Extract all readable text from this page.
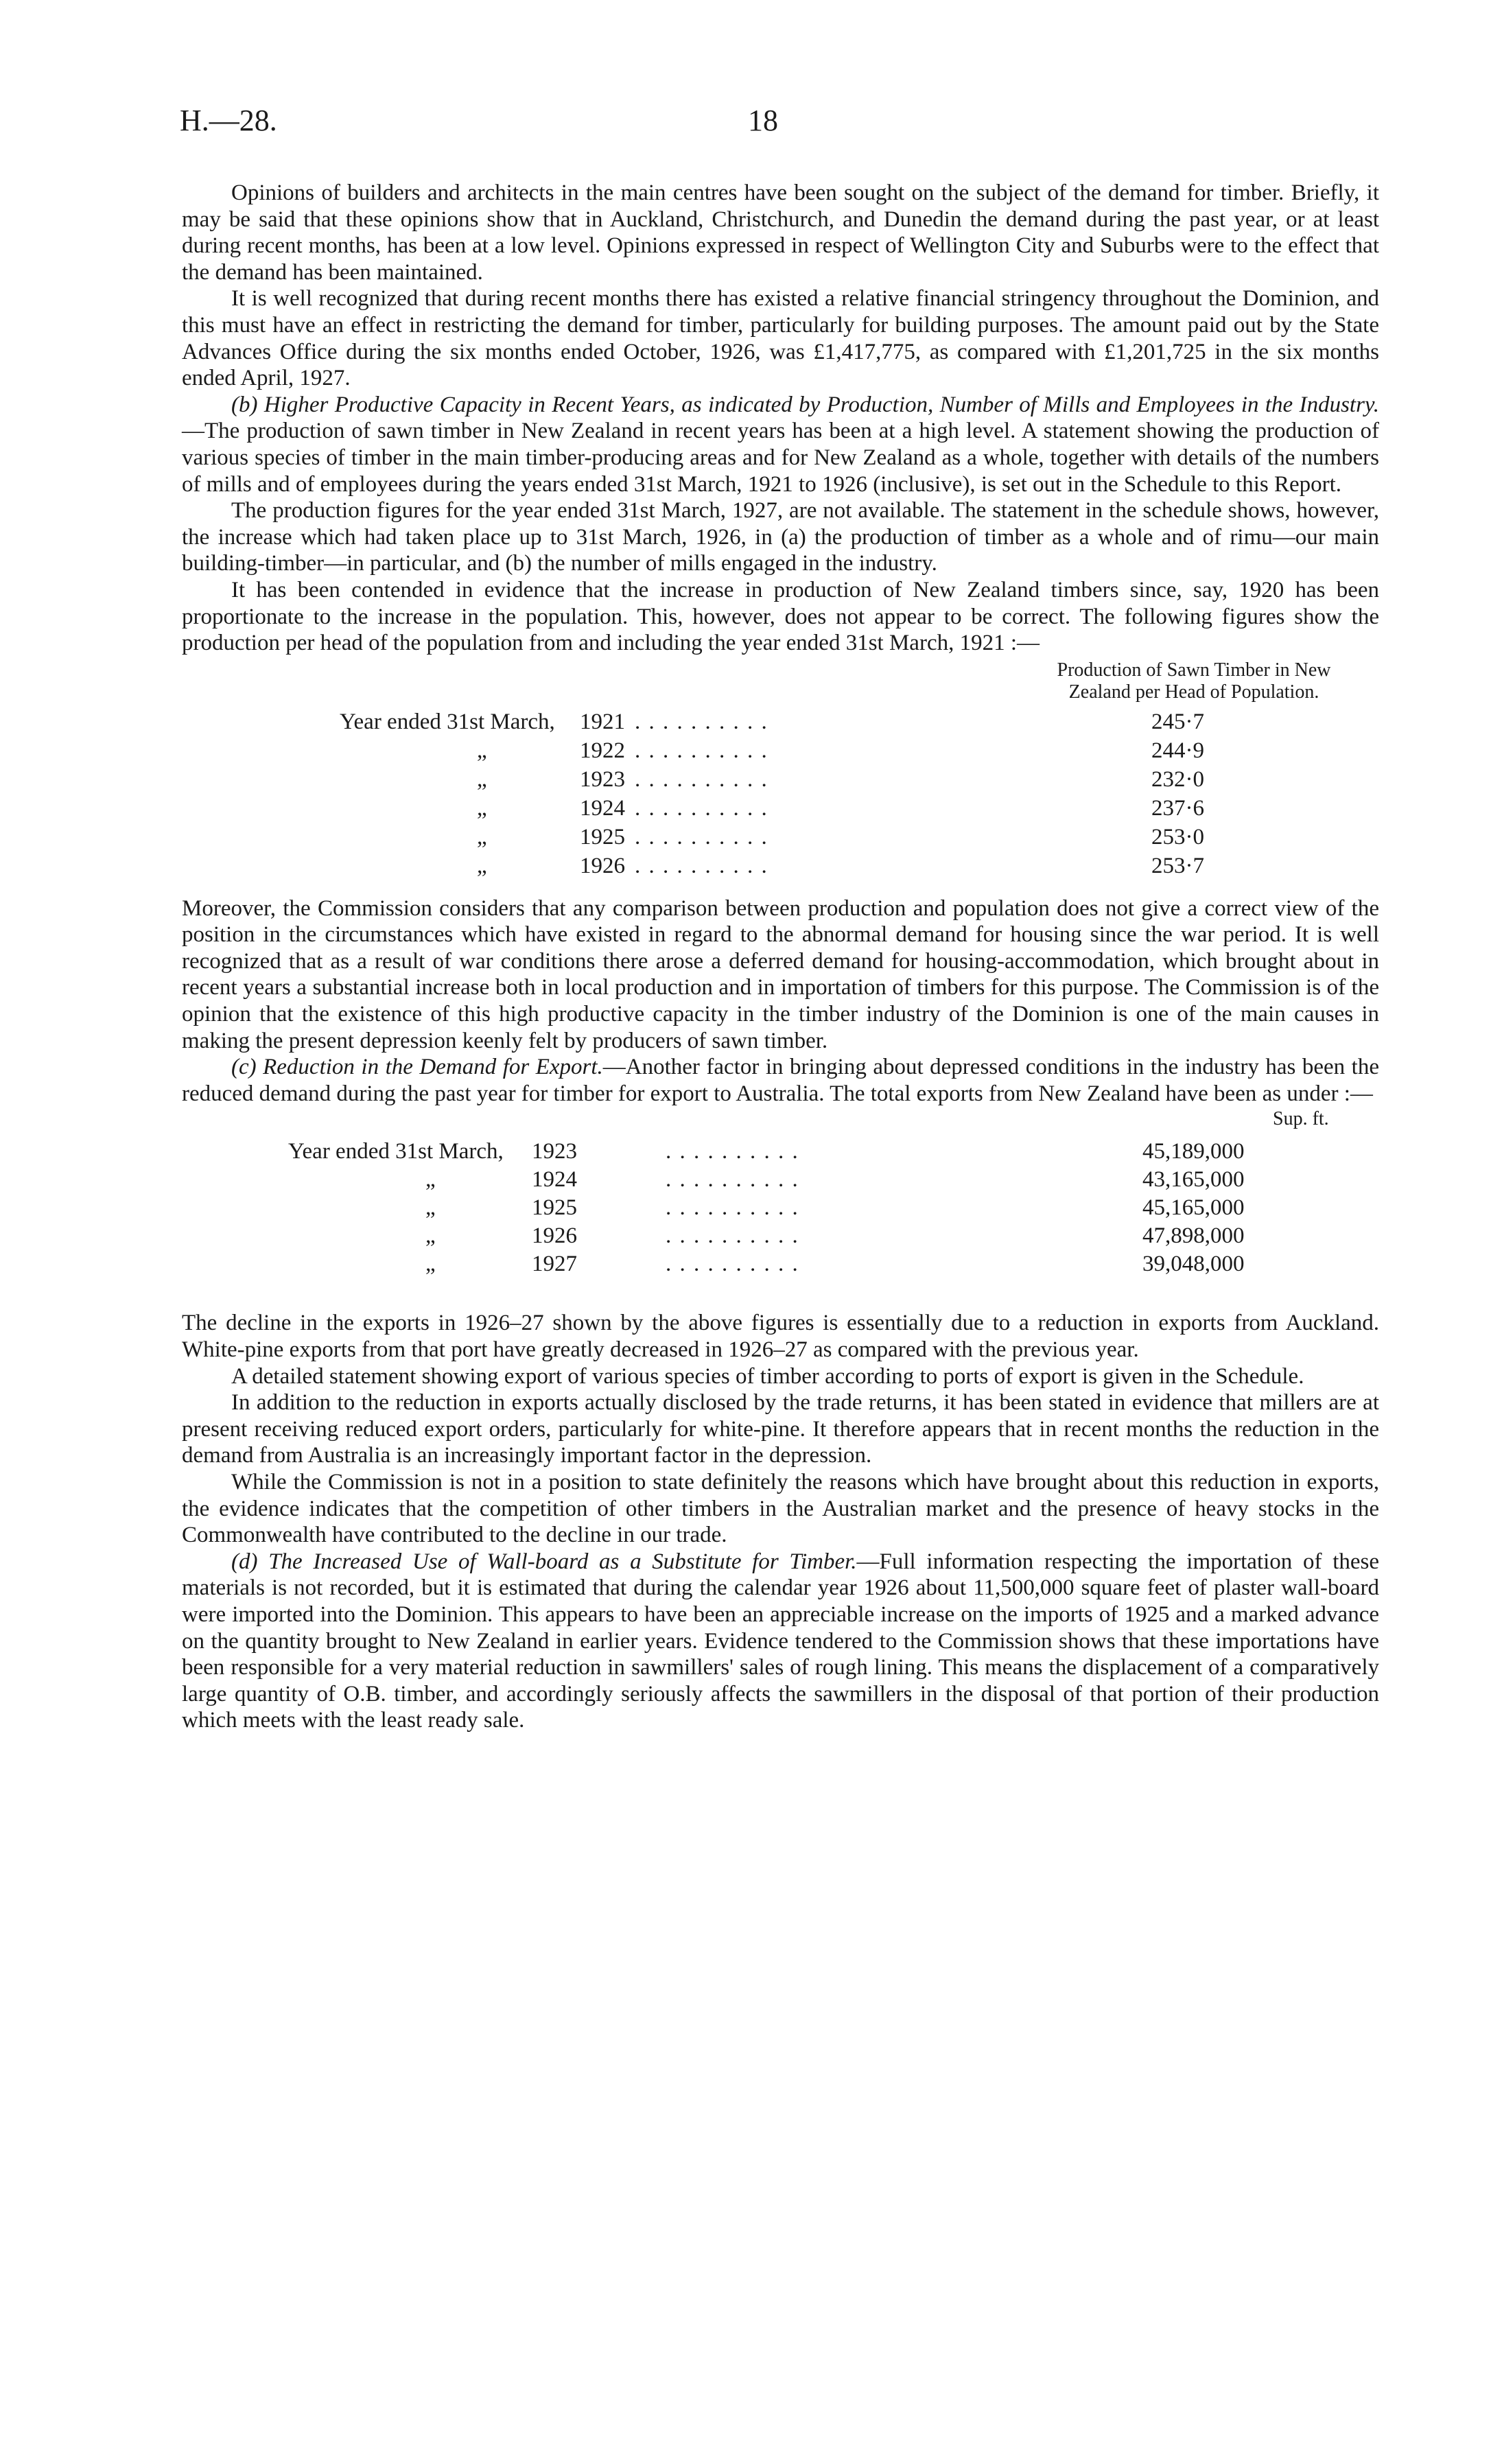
H.—28.	18

Opinions of builders and architects in the main centres have been sought on the subject of the demand for timber. Briefly, it may be said that these opinions show that in Auckland, Christchurch, and Dunedin the demand during the past year, or at least during recent months, has been at a low level. Opinions expressed in respect of Wellington City and Suburbs were to the effect that the demand has been maintained.

It is well recognized that during recent months there has existed a relative financial stringency throughout the Dominion, and this must have an effect in restricting the demand for timber, particularly for building purposes. The amount paid out by the State Advances Office during the six months ended October, 1926, was £1,417,775, as compared with £1,201,725 in the six months ended April, 1927.

(b) Higher Productive Capacity in Recent Years, as indicated by Production, Number of Mills and Employees in the Industry.—The production of sawn timber in New Zealand in recent years has been at a high level. A statement showing the production of various species of timber in the main timber-producing areas and for New Zealand as a whole, together with details of the numbers of mills and of employees during the years ended 31st March, 1921 to 1926 (inclusive), is set out in the Schedule to this Report.

The production figures for the year ended 31st March, 1927, are not available. The statement in the schedule shows, however, the increase which had taken place up to 31st March, 1926, in (a) the production of timber as a whole and of rimu—our main building-timber—in particular, and (b) the number of mills engaged in the industry.

It has been contended in evidence that the increase in production of New Zealand timbers since, say, 1920 has been proportionate to the increase in the population. This, however, does not appear to be correct. The following figures show the production per head of the population from and including the year ended 31st March, 1921 :—

Production of Sawn Timber in New Zealand per Head of Population.
Year ended 31st March, 1921 . . . . . . . . . .	245·7
„	1922 . . . . . . . . . .	244·9
„	1923 . . . . . . . . . .	232·0
„	1924 . . . . . . . . . .	237·6
„	1925 . . . . . . . . . .	253·0
„	1926 . . . . . . . . . .	253·7

Moreover, the Commission considers that any comparison between production and population does not give a correct view of the position in the circumstances which have existed in regard to the abnormal demand for housing since the war period. It is well recognized that as a result of war conditions there arose a deferred demand for housing-accommodation, which brought about in recent years a substantial increase both in local production and in importation of timbers for this purpose. The Commission is of the opinion that the existence of this high productive capacity in the timber industry of the Dominion is one of the main causes in making the present depression keenly felt by producers of sawn timber.

(c) Reduction in the Demand for Export.—Another factor in bringing about depressed conditions in the industry has been the reduced demand during the past year for timber for export to Australia. The total exports from New Zealand have been as under :—

Sup. ft.
Year ended 31st March, 1923	. . . . . . . . . .	45,189,000
„	1924	. . . . . . . . . .	43,165,000
„	1925	. . . . . . . . . .	45,165,000
„	1926	. . . . . . . . . .	47,898,000
„	1927	. . . . . . . . . .	39,048,000

The decline in the exports in 1926–27 shown by the above figures is essentially due to a reduction in exports from Auckland. White-pine exports from that port have greatly decreased in 1926–27 as compared with the previous year.

A detailed statement showing export of various species of timber according to ports of export is given in the Schedule.

In addition to the reduction in exports actually disclosed by the trade returns, it has been stated in evidence that millers are at present receiving reduced export orders, particularly for white-pine. It therefore appears that in recent months the reduction in the demand from Australia is an increasingly important factor in the depression.

While the Commission is not in a position to state definitely the reasons which have brought about this reduction in exports, the evidence indicates that the competition of other timbers in the Australian market and the presence of heavy stocks in the Commonwealth have contributed to the decline in our trade.

(d) The Increased Use of Wall-board as a Substitute for Timber.—Full information respecting the importation of these materials is not recorded, but it is estimated that during the calendar year 1926 about 11,500,000 square feet of plaster wall-board were imported into the Dominion. This appears to have been an appreciable increase on the imports of 1925 and a marked advance on the quantity brought to New Zealand in earlier years. Evidence tendered to the Commission shows that these importations have been responsible for a very material reduction in sawmillers' sales of rough lining. This means the displacement of a comparatively large quantity of O.B. timber, and accordingly seriously affects the sawmillers in the disposal of that portion of their production which meets with the least ready sale.
